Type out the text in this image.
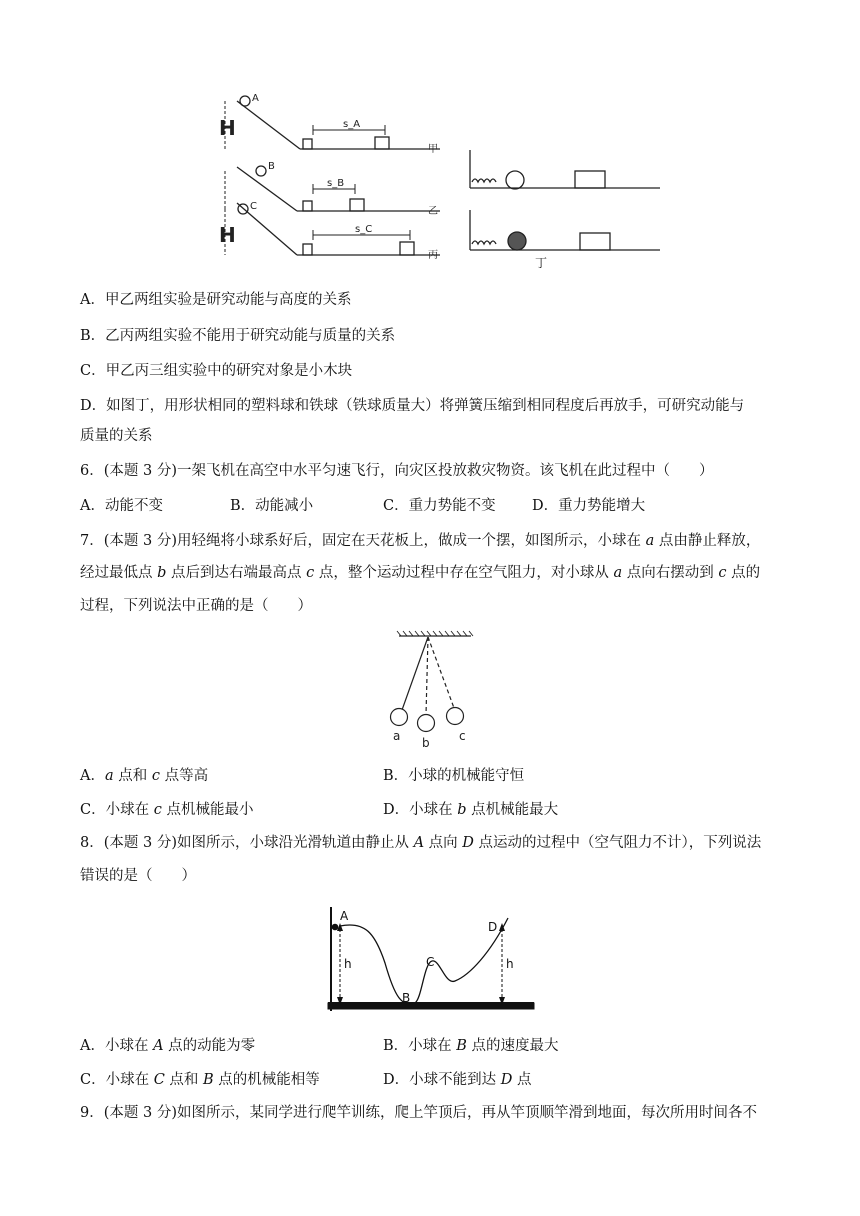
A
B
C
H
H
s_A
s_B
s_C
甲
乙
丙
丁
A．甲乙两组实验是研究动能与高度的关系
B．乙丙两组实验不能用于研究动能与质量的关系
C．甲乙丙三组实验中的研究对象是小木块
D．如图丁，用形状相同的塑料球和铁球（铁球质量大）将弹簧压缩到相同程度后再放手，可研究动能与
质量的关系
6．(本题 3 分)一架飞机在高空中水平匀速飞行，向灾区投放救灾物资。该飞机在此过程中（　　）
A．动能不变	B．动能减小	C．重力势能不变	D．重力势能增大
7．(本题 3 分)用轻绳将小球系好后，固定在天花板上，做成一个摆，如图所示，小球在 a 点由静止释放，
经过最低点 b 点后到达右端最高点 c 点，整个运动过程中存在空气阻力，对小球从 a 点向右摆动到 c 点的
过程，下列说法中正确的是（　　）
a b c
A．a 点和 c 点等高	B．小球的机械能守恒
C．小球在 c 点机械能最小	D．小球在 b 点机械能最大
8．(本题 3 分)如图所示，小球沿光滑轨道由静止从 A 点向 D 点运动的过程中（空气阻力不计），下列说法
错误的是（　　）
A
B
C
D
h	h
A．小球在 A 点的动能为零	B．小球在 B 点的速度最大
C．小球在 C 点和 B 点的机械能相等	D．小球不能到达 D 点
9．(本题 3 分)如图所示，某同学进行爬竿训练，爬上竿顶后，再从竿顶顺竿滑到地面，每次所用时间各不
